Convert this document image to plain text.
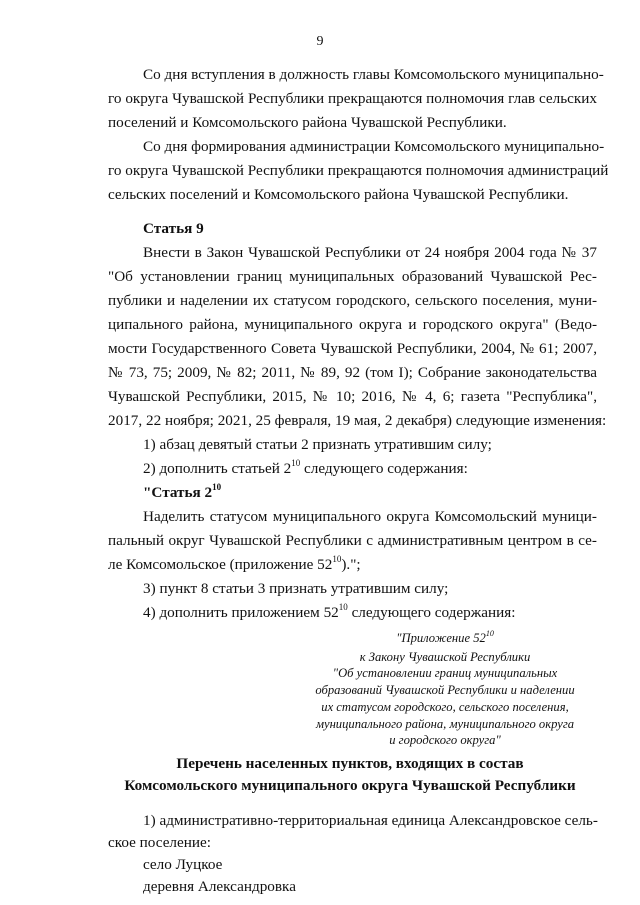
9
Со дня вступления в должность главы Комсомольского муниципально-
го округа Чувашской Республики прекращаются полномочия глав сельских
поселений и Комсомольского района Чувашской Республики.
Со дня формирования администрации Комсомольского муниципально-
го округа Чувашской Республики прекращаются полномочия администраций
сельских поселений и Комсомольского района Чувашской Республики.
Статья 9
Внести в Закон Чувашской Республики от 24 ноября 2004 года № 37
"Об установлении границ муниципальных образований Чувашской Рес-
публики и наделении их статусом городского, сельского поселения, муни-
ципального района, муниципального округа и городского округа" (Ведо-
мости Государственного Совета Чувашской Республики, 2004, № 61; 2007,
№ 73, 75; 2009, № 82; 2011, № 89, 92 (том I); Собрание законодательства
Чувашской Республики, 2015, № 10; 2016, № 4, 6; газета "Республика",
2017, 22 ноября; 2021, 25 февраля, 19 мая, 2 декабря) следующие изменения:
1) абзац девятый статьи 2 признать утратившим силу;
2) дополнить статьей $2^{10}$ следующего содержания:
"Статья $2^{10}$
Наделить статусом муниципального округа Комсомольский муници-
пальный округ Чувашской Республики с административным центром в се-
ле Комсомольское (приложение $52^{10}$).";
3) пункт 8 статьи 3 признать утратившим силу;
4) дополнить приложением $52^{10}$ следующего содержания:
"Приложение $52^{10}$
к Закону Чувашской Республики
"Об установлении границ муниципальных
образований Чувашской Республики и наделении
их статусом городского, сельского поселения,
муниципального района, муниципального округа
и городского округа"
Перечень населенных пунктов, входящих в состав
Комсомольского муниципального округа Чувашской Республики
1) административно-территориальная единица Александровское сель-
ское поселение:
село Луцкое
деревня Александровка
